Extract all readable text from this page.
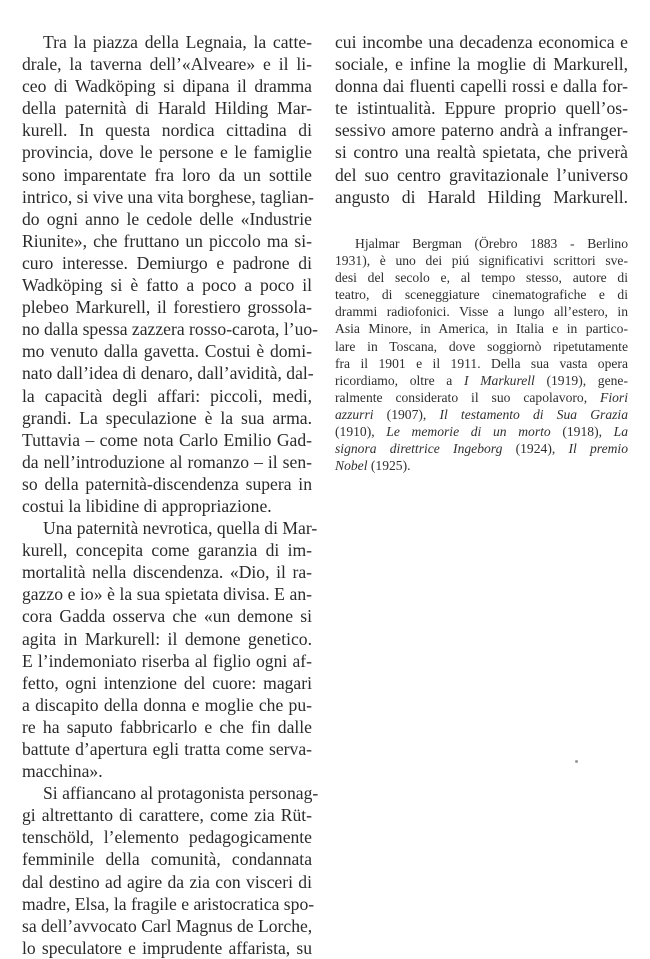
Tra la piazza della Legnaia, la catte-
drale, la taverna dell’«Alveare» e il li-
ceo di Wadköping si dipana il dramma
della paternità di Harald Hilding Mar-
kurell. In questa nordica cittadina di
provincia, dove le persone e le famiglie
sono imparentate fra loro da un sottile
intrico, si vive una vita borghese, taglian-
do ogni anno le cedole delle «Industrie
Riunite», che fruttano un piccolo ma si-
curo interesse. Demiurgo e padrone di
Wadköping si è fatto a poco a poco il
plebeo Markurell, il forestiero grossola-
no dalla spessa zazzera rosso-carota, l’uo-
mo venuto dalla gavetta. Costui è domi-
nato dall’idea di denaro, dall’avidità, dal-
la capacità degli affari: piccoli, medi,
grandi. La speculazione è la sua arma.
Tuttavia – come nota Carlo Emilio Gad-
da nell’introduzione al romanzo – il sen-
so della paternità-discendenza supera in
costui la libidine di appropriazione.
Una paternità nevrotica, quella di Mar-
kurell, concepita come garanzia di im-
mortalità nella discendenza. «Dio, il ra-
gazzo e io» è la sua spietata divisa. E an-
cora Gadda osserva che «un demone si
agita in Markurell: il demone genetico.
E l’indemoniato riserba al figlio ogni af-
fetto, ogni intenzione del cuore: magari
a discapito della donna e moglie che pu-
re ha saputo fabbricarlo e che fin dalle
battute d’apertura egli tratta come serva-
macchina».
Si affiancano al protagonista personag-
gi altrettanto di carattere, come zia Rüt-
tenschöld, l’elemento pedagogicamente
femminile della comunità, condannata
dal destino ad agire da zia con visceri di
madre, Elsa, la fragile e aristocratica spo-
sa dell’avvocato Carl Magnus de Lorche,
lo speculatore e imprudente affarista, su
cui incombe una decadenza economica e
sociale, e infine la moglie di Markurell,
donna dai fluenti capelli rossi e dalla for-
te istintualità. Eppure proprio quell’os-
sessivo amore paterno andrà a infranger-
si contro una realtà spietata, che priverà
del suo centro gravitazionale l’universo
angusto di Harald Hilding Markurell.
Hjalmar Bergman (Örebro 1883 - Berlino
1931), è uno dei piú significativi scrittori sve-
desi del secolo e, al tempo stesso, autore di
teatro, di sceneggiature cinematografiche e di
drammi radiofonici. Visse a lungo all’estero, in
Asia Minore, in America, in Italia e in partico-
lare in Toscana, dove soggiornò ripetutamente
fra il 1901 e il 1911. Della sua vasta opera
ricordiamo, oltre a I Markurell (1919), gene-
ralmente considerato il suo capolavoro, Fiori
azzurri (1907), Il testamento di Sua Grazia
(1910), Le memorie di un morto (1918), La
signora direttrice Ingeborg (1924), Il premio
Nobel (1925).
